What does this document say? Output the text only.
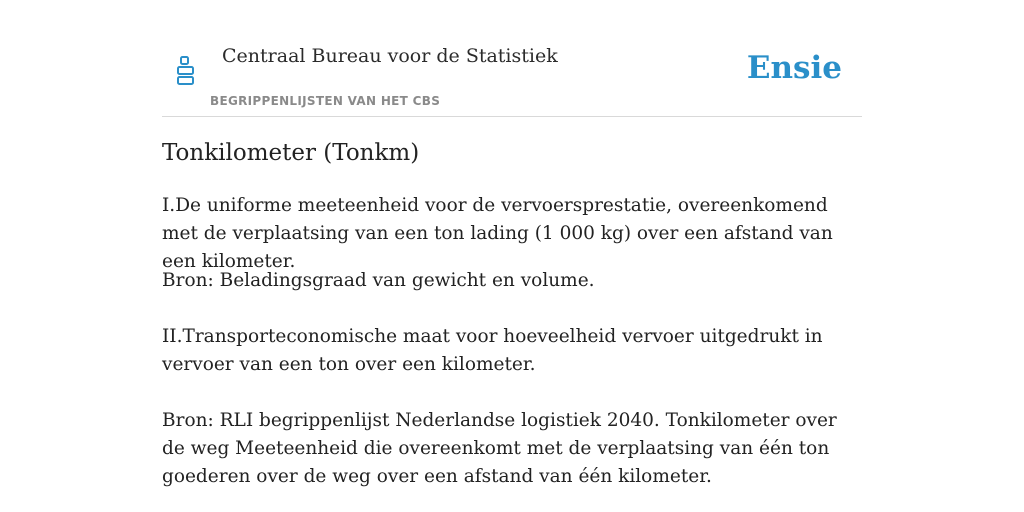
Centraal Bureau voor de Statistiek
BEGRIPPENLIJSTEN VAN HET CBS
Ensie
Tonkilometer (Tonkm)

I.De uniforme meeteenheid voor de vervoersprestatie, overeenkomend met de verplaatsing van een ton lading (1 000 kg) over een afstand van een kilometer.

Bron: Beladingsgraad van gewicht en volume.

II.Transporteconomische maat voor hoeveelheid vervoer uitgedrukt in vervoer van een ton over een kilometer.

Bron: RLI begrippenlijst Nederlandse logistiek 2040. Tonkilometer over de weg Meeteenheid die overeenkomt met de verplaatsing van één ton goederen over de weg over een afstand van één kilometer.
